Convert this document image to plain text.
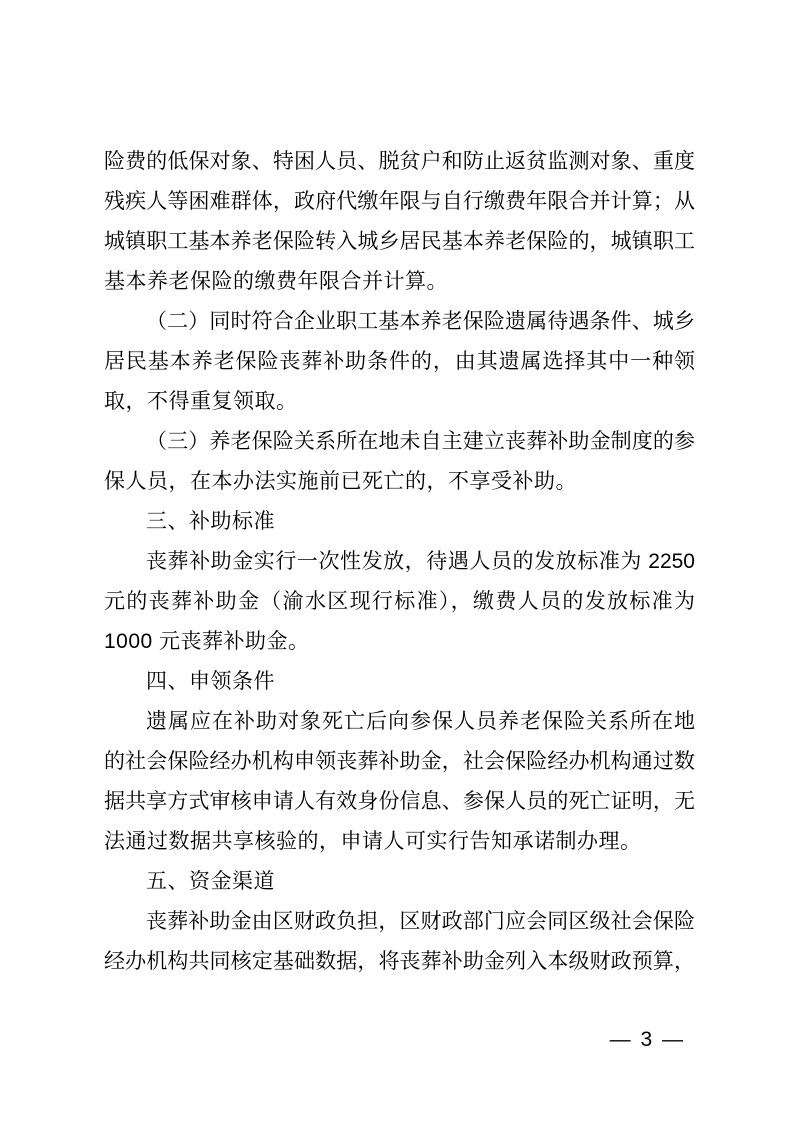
险费的低保对象、特困人员、脱贫户和防止返贫监测对象、重度
残疾人等困难群体，政府代缴年限与自行缴费年限合并计算；从
城镇职工基本养老保险转入城乡居民基本养老保险的，城镇职工
基本养老保险的缴费年限合并计算。
（二）同时符合企业职工基本养老保险遗属待遇条件、城乡
居民基本养老保险丧葬补助条件的，由其遗属选择其中一种领
取，不得重复领取。
（三）养老保险关系所在地未自主建立丧葬补助金制度的参
保人员，在本办法实施前已死亡的，不享受补助。
三、补助标准
丧葬补助金实行一次性发放，待遇人员的发放标准为 2250
元的丧葬补助金（渝水区现行标准），缴费人员的发放标准为
1000 元丧葬补助金。
四、申领条件
遗属应在补助对象死亡后向参保人员养老保险关系所在地
的社会保险经办机构申领丧葬补助金，社会保险经办机构通过数
据共享方式审核申请人有效身份信息、参保人员的死亡证明，无
法通过数据共享核验的，申请人可实行告知承诺制办理。
五、资金渠道
丧葬补助金由区财政负担，区财政部门应会同区级社会保险
经办机构共同核定基础数据，将丧葬补助金列入本级财政预算，
— 3 —
